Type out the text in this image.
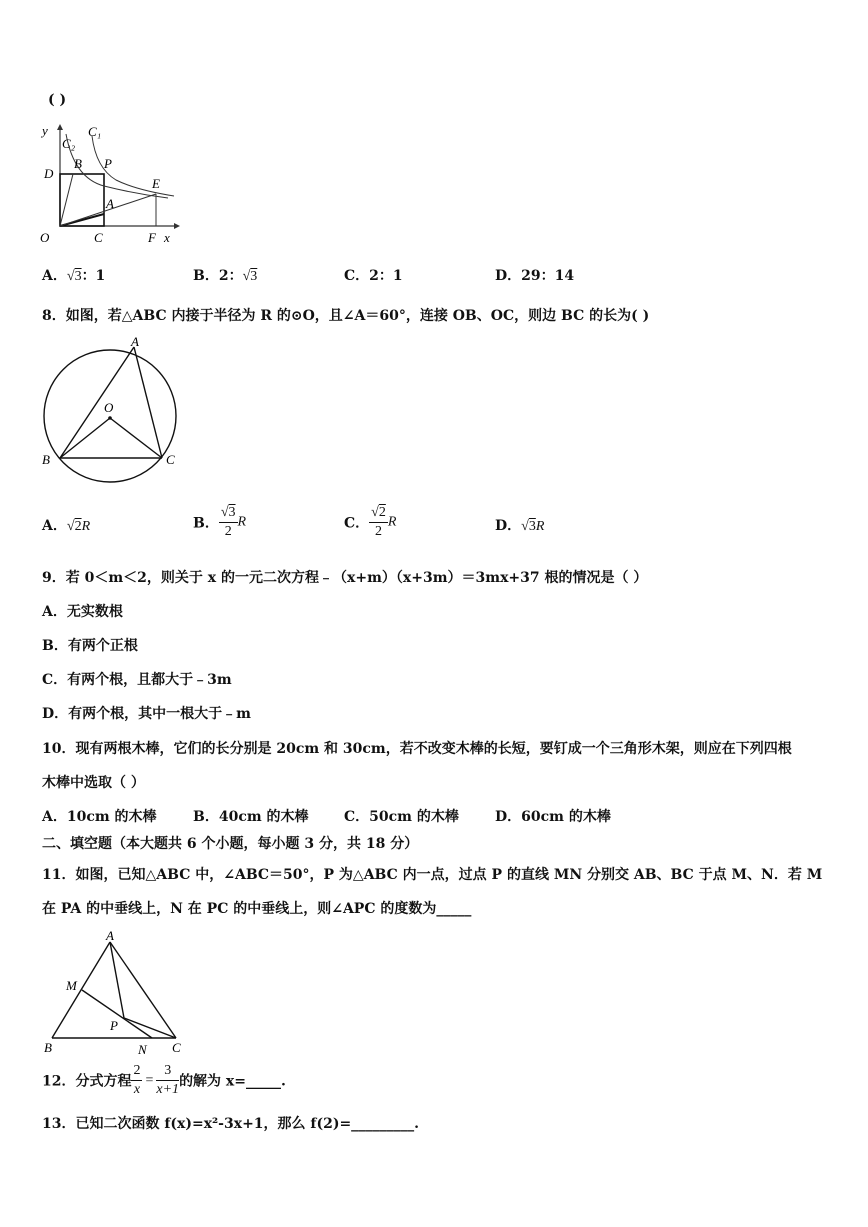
( )
y
x
O	C	F
D
B P
A
E
C₁
C₂
A．√3：1	B．2：√3	C．2：1	D．29：14
8．如图，若△ABC 内接于半径为 R 的⊙O，且∠A＝60°，连接 OB、OC，则边 BC 的长为( )
A
B	C
O
A．√2R	B． $\frac{√3}{2}$ R	C． $\frac{√2}{2}$ R	D．√3R
9．若 0＜m＜2，则关于 x 的一元二次方程﹣（x+m）（x+3m）＝3mx+37 根的情况是（ ）
A．无实数根
B．有两个正根
C．有两个根，且都大于﹣3m
D．有两个根，其中一根大于﹣m
10．现有两根木棒，它们的长分别是 20cm 和 30cm，若不改变木棒的长短，要钉成一个三角形木架，则应在下列四根
木棒中选取（ ）
A．10cm 的木棒	B．40cm 的木棒	C．50cm 的木棒	D．60cm 的木棒
二、填空题（本大题共 6 个小题，每小题 3 分，共 18 分）
11．如图，已知△ABC 中，∠ABC＝50°，P 为△ABC 内一点，过点 P 的直线 MN 分别交 AB、BC 于点 M、N．若 M
在 PA 的中垂线上，N 在 PC 的中垂线上，则∠APC 的度数为_____
A
B	C
M
N
P
12．分式方程 $\frac{2}{x} = \frac{3}{x+1}$ 的解为 x=_____.
13．已知二次函数 f(x)=x²-3x+1，那么 f(2)=_________.
